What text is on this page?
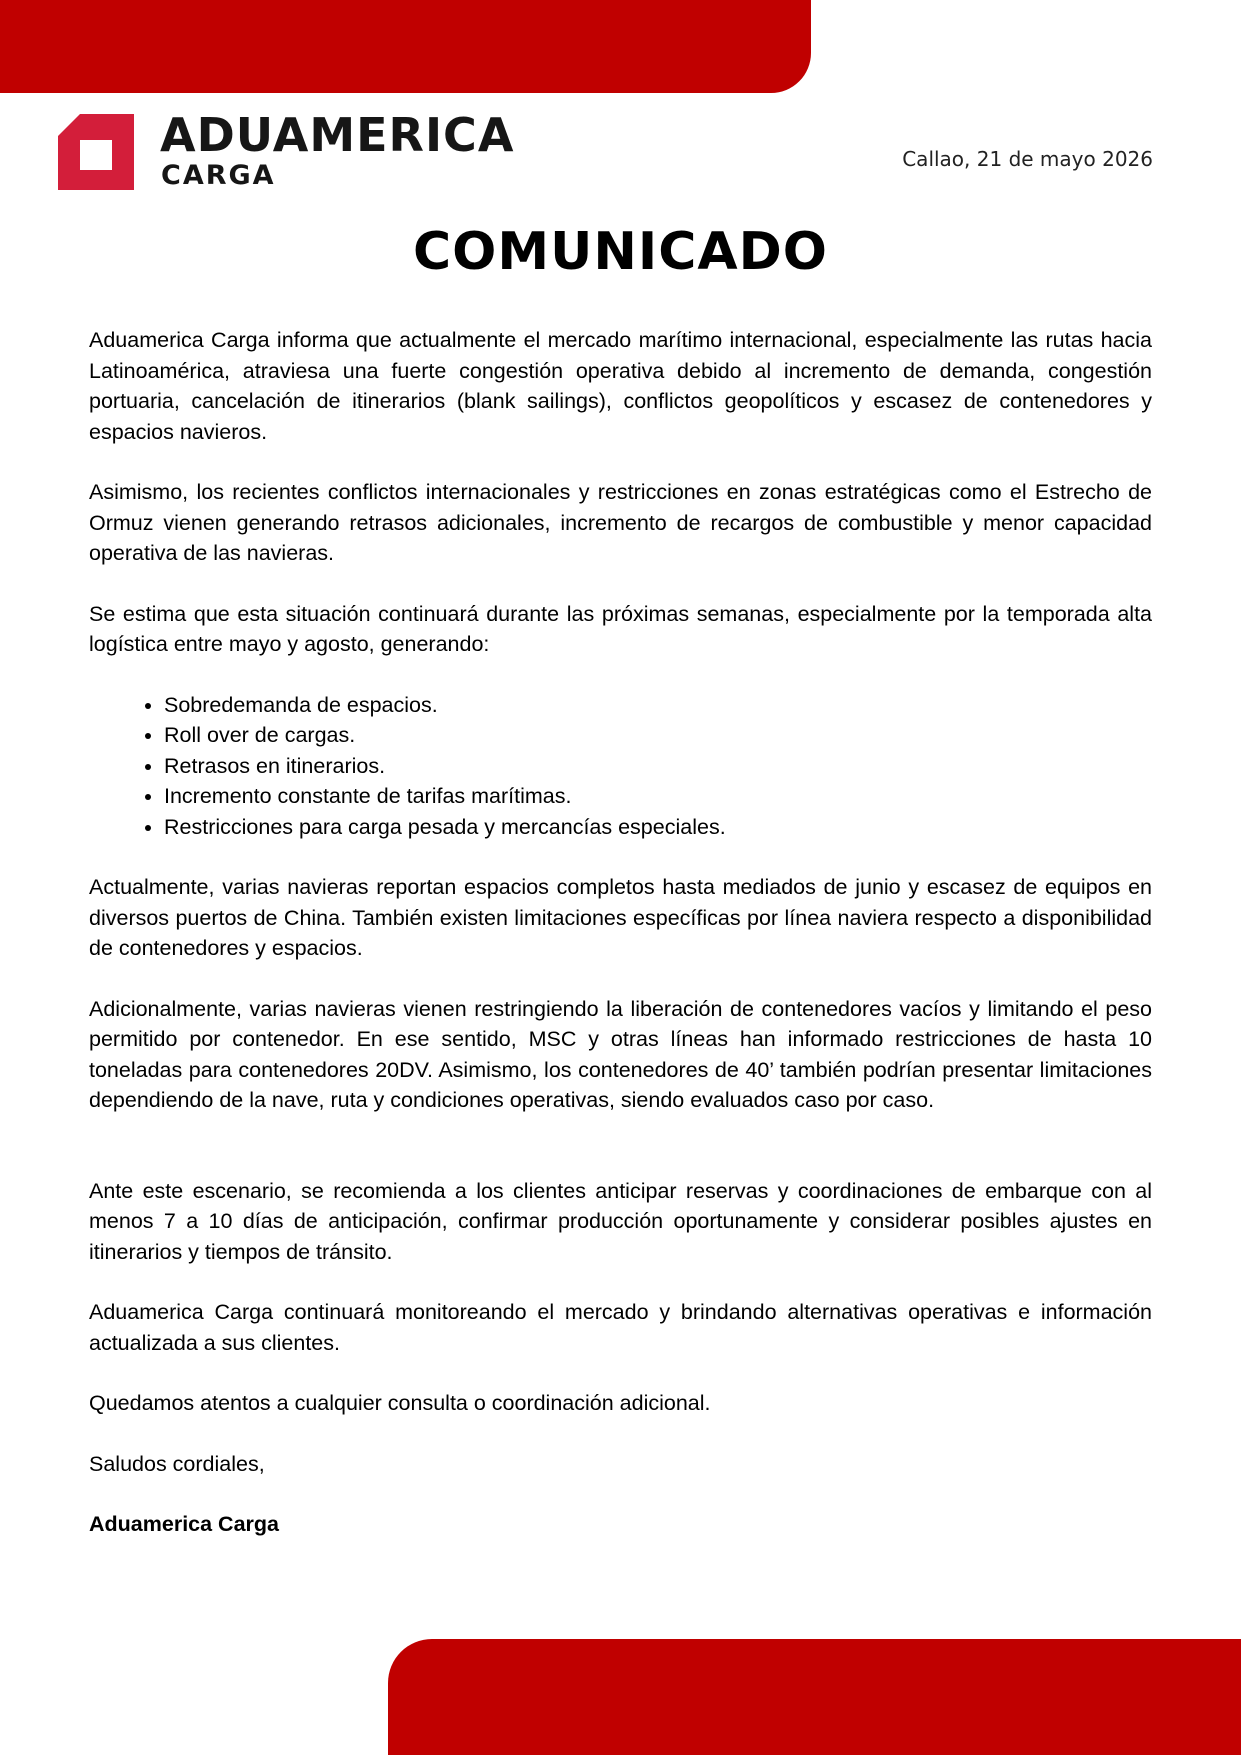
ADUAMERICA
CARGA
Callao, 21 de mayo 2026
COMUNICADO

Aduamerica Carga informa que actualmente el mercado marítimo internacional, especialmente las rutas hacia Latinoamérica, atraviesa una fuerte congestión operativa debido al incremento de demanda, congestión portuaria, cancelación de itinerarios (blank sailings), conflictos geopolíticos y escasez de contenedores y espacios navieros.

Asimismo, los recientes conflictos internacionales y restricciones en zonas estratégicas como el Estrecho de Ormuz vienen generando retrasos adicionales, incremento de recargos de combustible y menor capacidad operativa de las navieras.

Se estima que esta situación continuará durante las próximas semanas, especialmente por la temporada alta logística entre mayo y agosto, generando:

• Sobredemanda de espacios.
• Roll over de cargas.
• Retrasos en itinerarios.
• Incremento constante de tarifas marítimas.
• Restricciones para carga pesada y mercancías especiales.

Actualmente, varias navieras reportan espacios completos hasta mediados de junio y escasez de equipos en diversos puertos de China. También existen limitaciones específicas por línea naviera respecto a disponibilidad de contenedores y espacios.

Adicionalmente, varias navieras vienen restringiendo la liberación de contenedores vacíos y limitando el peso permitido por contenedor. En ese sentido, MSC y otras líneas han informado restricciones de hasta 10 toneladas para contenedores 20DV. Asimismo, los contenedores de 40’ también podrían presentar limitaciones dependiendo de la nave, ruta y condiciones operativas, siendo evaluados caso por caso.

Ante este escenario, se recomienda a los clientes anticipar reservas y coordinaciones de embarque con al menos 7 a 10 días de anticipación, confirmar producción oportunamente y considerar posibles ajustes en itinerarios y tiempos de tránsito.

Aduamerica Carga continuará monitoreando el mercado y brindando alternativas operativas e información actualizada a sus clientes.

Quedamos atentos a cualquier consulta o coordinación adicional.

Saludos cordiales,

Aduamerica Carga
